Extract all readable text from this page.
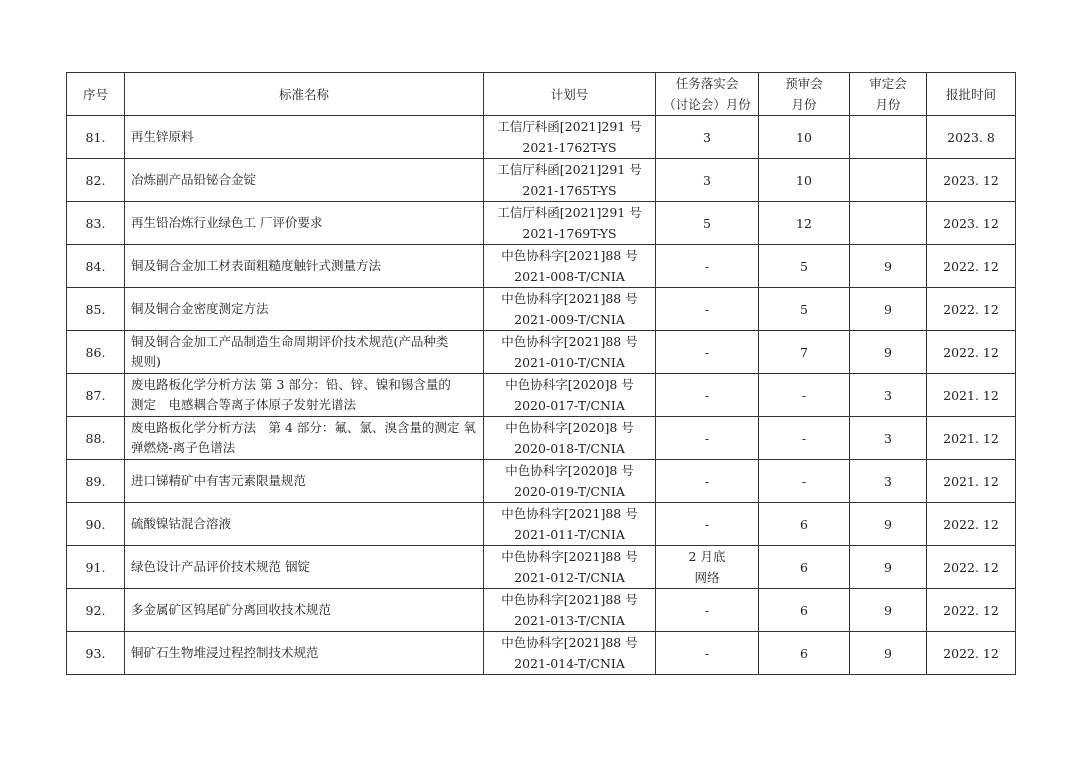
序号	标准名称	计划号	任务落实会
（讨论会）月份	预审会
月份	审定会
月份	报批时间
81.	再生锌原料	工信厅科函[2021]291 号
2021-1762T-YS	3	10		2023. 8
82.	冶炼副产品铅铋合金锭	工信厅科函[2021]291 号
2021-1765T-YS	3	10		2023. 12
83.	再生铅冶炼行业绿色工 厂评价要求	工信厅科函[2021]291 号
2021-1769T-YS	5	12		2023. 12
84.	铜及铜合金加工材表面粗糙度触针式测量方法	中色协科字[2021]88 号
2021-008-T/CNIA	-	5	9	2022. 12
85.	铜及铜合金密度测定方法	中色协科字[2021]88 号
2021-009-T/CNIA	-	5	9	2022. 12
86.	铜及铜合金加工产品制造生命周期评价技术规范(产品种类
规则)	中色协科字[2021]88 号
2021-010-T/CNIA	-	7	9	2022. 12
87.	废电路板化学分析方法 第 3 部分：铅、锌、镍和锡含量的
测定　电感耦合等离子体原子发射光谱法	中色协科字[2020]8 号
2020-017-T/CNIA	-	-	3	2021. 12
88.	废电路板化学分析方法　第 4 部分：氟、氯、溴含量的测定 氧
弹燃烧-离子色谱法	中色协科字[2020]8 号
2020-018-T/CNIA	-	-	3	2021. 12
89.	进口锑精矿中有害元素限量规范	中色协科字[2020]8 号
2020-019-T/CNIA	-	-	3	2021. 12
90.	硫酸镍钴混合溶液	中色协科字[2021]88 号
2021-011-T/CNIA	-	6	9	2022. 12
91.	绿色设计产品评价技术规范 铟锭	中色协科字[2021]88 号
2021-012-T/CNIA	2 月底
网络	6	9	2022. 12
92.	多金属矿区钨尾矿分离回收技术规范	中色协科字[2021]88 号
2021-013-T/CNIA	-	6	9	2022. 12
93.	铜矿石生物堆浸过程控制技术规范	中色协科字[2021]88 号
2021-014-T/CNIA	-	6	9	2022. 12
